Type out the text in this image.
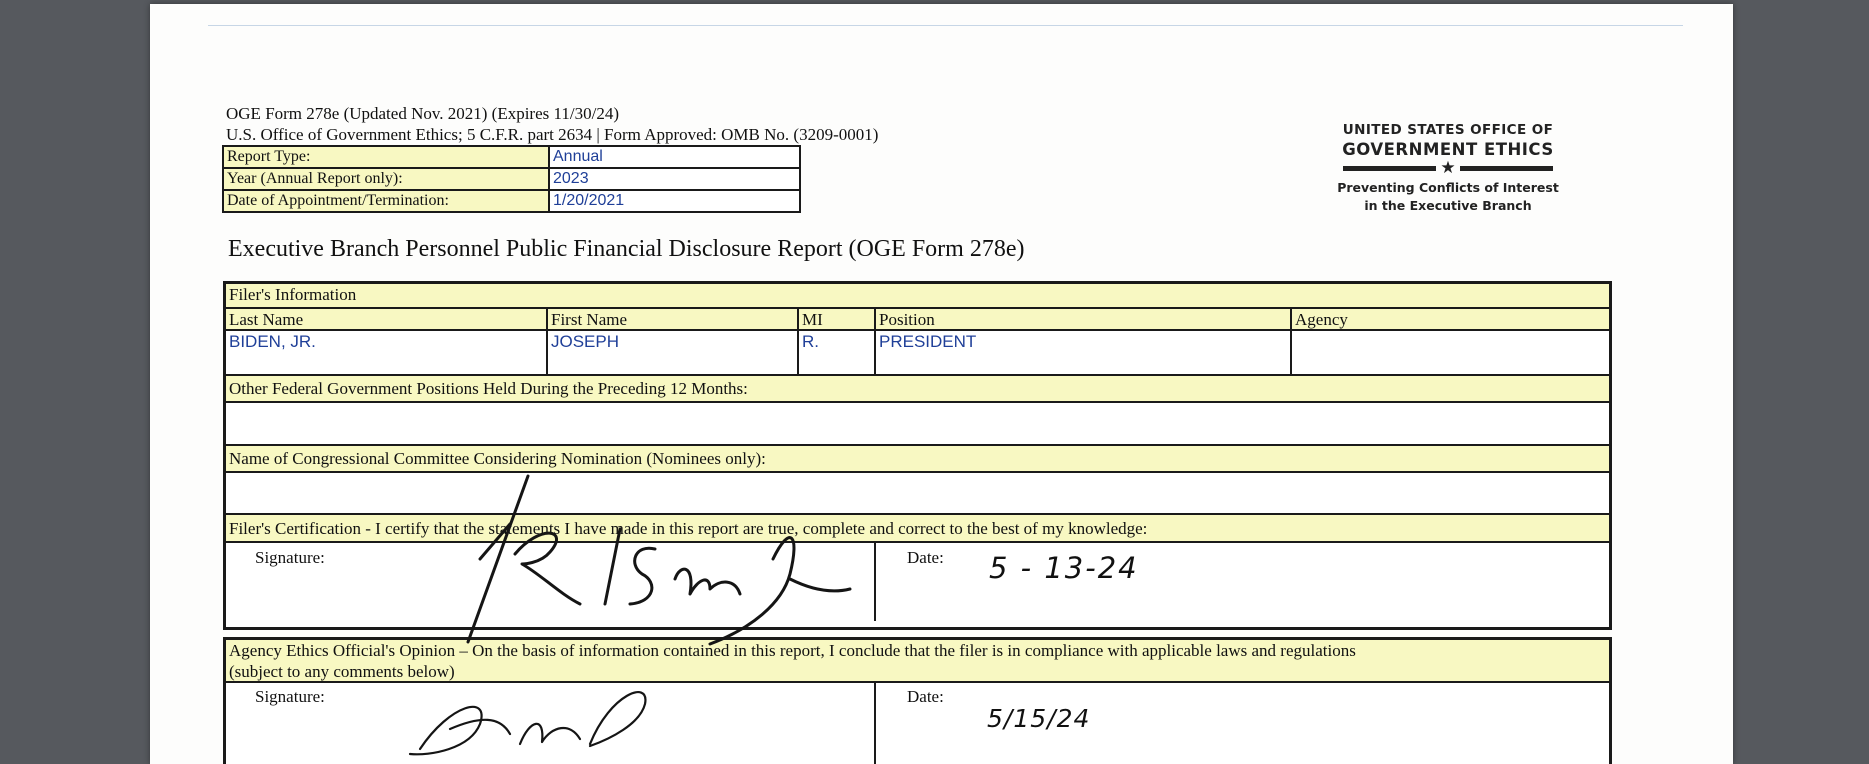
OGE Form 278e (Updated Nov. 2021) (Expires 11/30/24)
U.S. Office of Government Ethics; 5 C.F.R. part 2634 | Form Approved: OMB No. (3209-0001)
Report Type:	Annual
Year (Annual Report only):	2023
Date of Appointment/Termination:	1/20/2021
UNITED STATES OFFICE OF
GOVERNMENT ETHICS
★
Preventing Conflicts of Interest
in the Executive Branch
Executive Branch Personnel Public Financial Disclosure Report (OGE Form 278e)
Filer's Information
Last Name	First Name	MI	Position	Agency
BIDEN, JR.	JOSEPH	R.	PRESIDENT
Other Federal Government Positions Held During the Preceding 12 Months:
Name of Congressional Committee Considering Nomination (Nominees only):
Filer's Certification - I certify that the statements I have made in this report are true, complete and correct to the best of my knowledge:
Signature:	Date: 5 - 13-24
Agency Ethics Official's Opinion – On the basis of information contained in this report, I conclude that the filer is in compliance with applicable laws and regulations
(subject to any comments below)
Signature:	Date:
5/15/24
